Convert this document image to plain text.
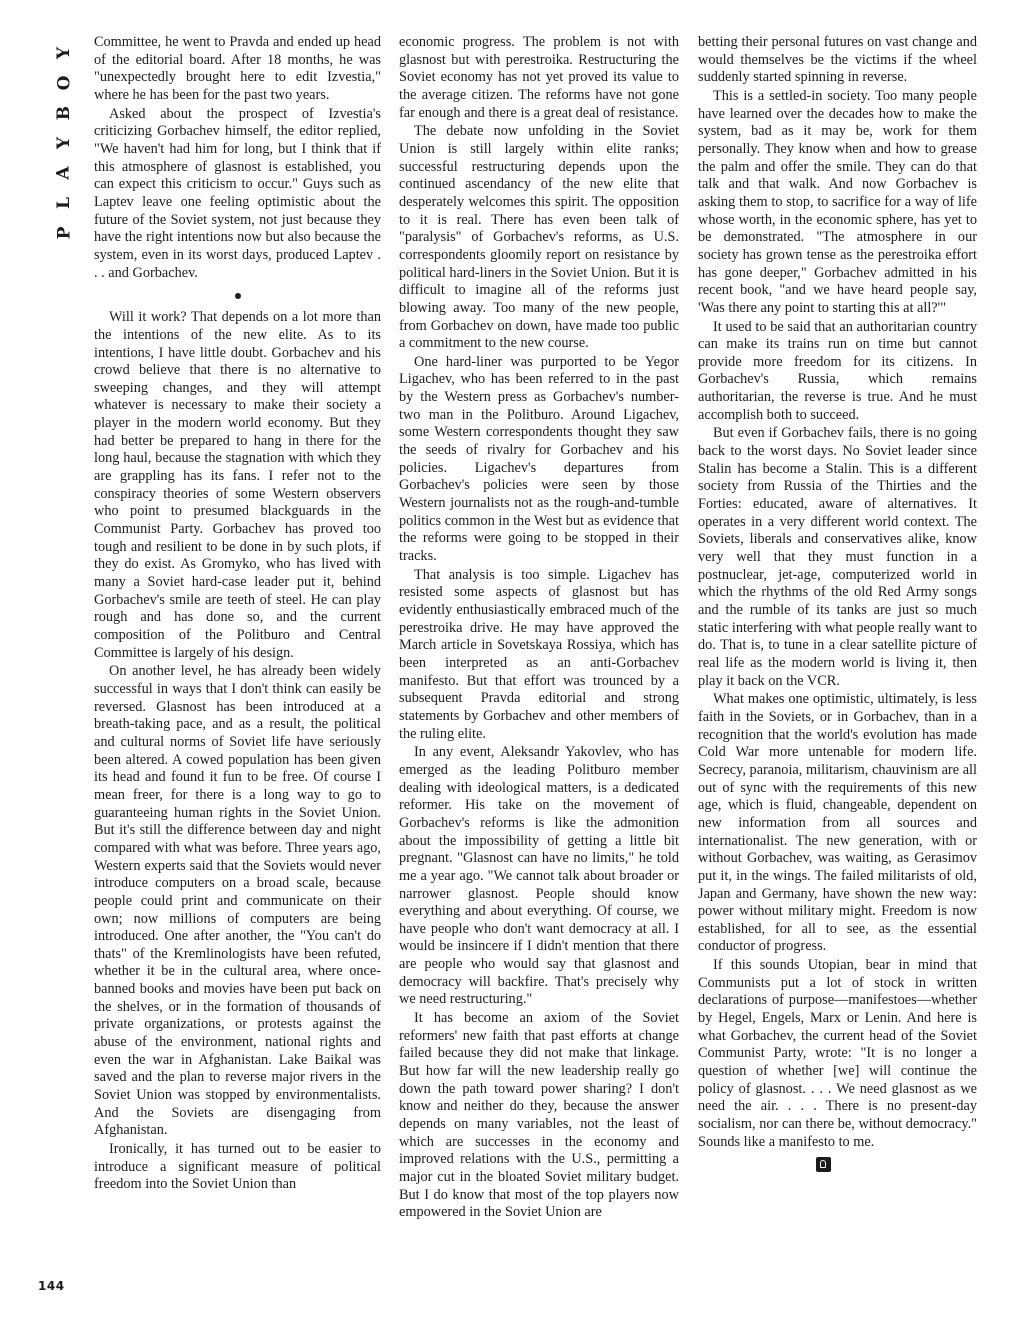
Y
O
B
Y
A
L
P
144

Committee, he went to Pravda and ended up head of the editorial board. After 18 months, he was "unexpectedly brought here to edit Izvestia," where he has been for the past two years.

Asked about the prospect of Izvestia's criticizing Gorbachev himself, the editor replied, "We haven't had him for long, but I think that if this atmosphere of glasnost is established, you can expect this criticism to occur." Guys such as Laptev leave one feeling optimistic about the future of the Soviet system, not just because they have the right intentions now but also because the system, even in its worst days, produced Laptev . . . and Gorbachev.

Will it work? That depends on a lot more than the intentions of the new elite. As to its intentions, I have little doubt. Gorbachev and his crowd believe that there is no alternative to sweeping changes, and they will attempt whatever is necessary to make their society a player in the modern world economy. But they had better be prepared to hang in there for the long haul, because the stagnation with which they are grappling has its fans. I refer not to the conspiracy theories of some Western observers who point to presumed blackguards in the Communist Party. Gorbachev has proved too tough and resilient to be done in by such plots, if they do exist. As Gromyko, who has lived with many a Soviet hard-case leader put it, behind Gorbachev's smile are teeth of steel. He can play rough and has done so, and the current composition of the Politburo and Central Committee is largely of his design.

On another level, he has already been widely successful in ways that I don't think can easily be reversed. Glasnost has been introduced at a breath-taking pace, and as a result, the political and cultural norms of Soviet life have seriously been altered. A cowed population has been given its head and found it fun to be free. Of course I mean freer, for there is a long way to go to guaranteeing human rights in the Soviet Union. But it's still the difference between day and night compared with what was before. Three years ago, Western experts said that the Soviets would never introduce computers on a broad scale, because people could print and communicate on their own; now millions of computers are being introduced. One after another, the "You can't do thats" of the Kremlinologists have been refuted, whether it be in the cultural area, where once-banned books and movies have been put back on the shelves, or in the formation of thousands of private organizations, or protests against the abuse of the environment, national rights and even the war in Afghanistan. Lake Baikal was saved and the plan to reverse major rivers in the Soviet Union was stopped by environmentalists. And the Soviets are disengaging from Afghanistan.

Ironically, it has turned out to be easier to introduce a significant measure of political freedom into the Soviet Union than

economic progress. The problem is not with glasnost but with perestroika. Restructuring the Soviet economy has not yet proved its value to the average citizen. The reforms have not gone far enough and there is a great deal of resistance.

The debate now unfolding in the Soviet Union is still largely within elite ranks; successful restructuring depends upon the continued ascendancy of the new elite that desperately welcomes this spirit. The opposition to it is real. There has even been talk of "paralysis" of Gorbachev's reforms, as U.S. correspondents gloomily report on resistance by political hard-liners in the Soviet Union. But it is difficult to imagine all of the reforms just blowing away. Too many of the new people, from Gorbachev on down, have made too public a commitment to the new course.

One hard-liner was purported to be Yegor Ligachev, who has been referred to in the past by the Western press as Gorbachev's number-two man in the Politburo. Around Ligachev, some Western correspondents thought they saw the seeds of rivalry for Gorbachev and his policies. Ligachev's departures from Gorbachev's policies were seen by those Western journalists not as the rough-and-tumble politics common in the West but as evidence that the reforms were going to be stopped in their tracks.

That analysis is too simple. Ligachev has resisted some aspects of glasnost but has evidently enthusiastically embraced much of the perestroika drive. He may have approved the March article in Sovetskaya Rossiya, which has been interpreted as an anti-Gorbachev manifesto. But that effort was trounced by a subsequent Pravda editorial and strong statements by Gorbachev and other members of the ruling elite.

In any event, Aleksandr Yakovlev, who has emerged as the leading Politburo member dealing with ideological matters, is a dedicated reformer. His take on the movement of Gorbachev's reforms is like the admonition about the impossibility of getting a little bit pregnant. "Glasnost can have no limits," he told me a year ago. "We cannot talk about broader or narrower glasnost. People should know everything and about everything. Of course, we have people who don't want democracy at all. I would be insincere if I didn't mention that there are people who would say that glasnost and democracy will backfire. That's precisely why we need restructuring."

It has become an axiom of the Soviet reformers' new faith that past efforts at change failed because they did not make that linkage. But how far will the new leadership really go down the path toward power sharing? I don't know and neither do they, because the answer depends on many variables, not the least of which are successes in the economy and improved relations with the U.S., permitting a major cut in the bloated Soviet military budget. But I do know that most of the top players now empowered in the Soviet Union are

betting their personal futures on vast change and would themselves be the victims if the wheel suddenly started spinning in reverse.

This is a settled-in society. Too many people have learned over the decades how to make the system, bad as it may be, work for them personally. They know when and how to grease the palm and offer the smile. They can do that talk and that walk. And now Gorbachev is asking them to stop, to sacrifice for a way of life whose worth, in the economic sphere, has yet to be demonstrated. "The atmosphere in our society has grown tense as the perestroika effort has gone deeper," Gorbachev admitted in his recent book, "and we have heard people say, 'Was there any point to starting this at all?'"

It used to be said that an authoritarian country can make its trains run on time but cannot provide more freedom for its citizens. In Gorbachev's Russia, which remains authoritarian, the reverse is true. And he must accomplish both to succeed.

But even if Gorbachev fails, there is no going back to the worst days. No Soviet leader since Stalin has become a Stalin. This is a different society from Russia of the Thirties and the Forties: educated, aware of alternatives. It operates in a very different world context. The Soviets, liberals and conservatives alike, know very well that they must function in a postnuclear, jet-age, computerized world in which the rhythms of the old Red Army songs and the rumble of its tanks are just so much static interfering with what people really want to do. That is, to tune in a clear satellite picture of real life as the modern world is living it, then play it back on the VCR.

What makes one optimistic, ultimately, is less faith in the Soviets, or in Gorbachev, than in a recognition that the world's evolution has made Cold War more untenable for modern life. Secrecy, paranoia, militarism, chauvinism are all out of sync with the requirements of this new age, which is fluid, changeable, dependent on new information from all sources and internationalist. The new generation, with or without Gorbachev, was waiting, as Gerasimov put it, in the wings. The failed militarists of old, Japan and Germany, have shown the new way: power without military might. Freedom is now established, for all to see, as the essential conductor of progress.

If this sounds Utopian, bear in mind that Communists put a lot of stock in written declarations of purpose—manifestoes—whether by Hegel, Engels, Marx or Lenin. And here is what Gorbachev, the current head of the Soviet Communist Party, wrote: "It is no longer a question of whether [we] will continue the policy of glasnost. . . . We need glasnost as we need the air. . . . There is no present-day socialism, nor can there be, without democracy." Sounds like a manifesto to me.
